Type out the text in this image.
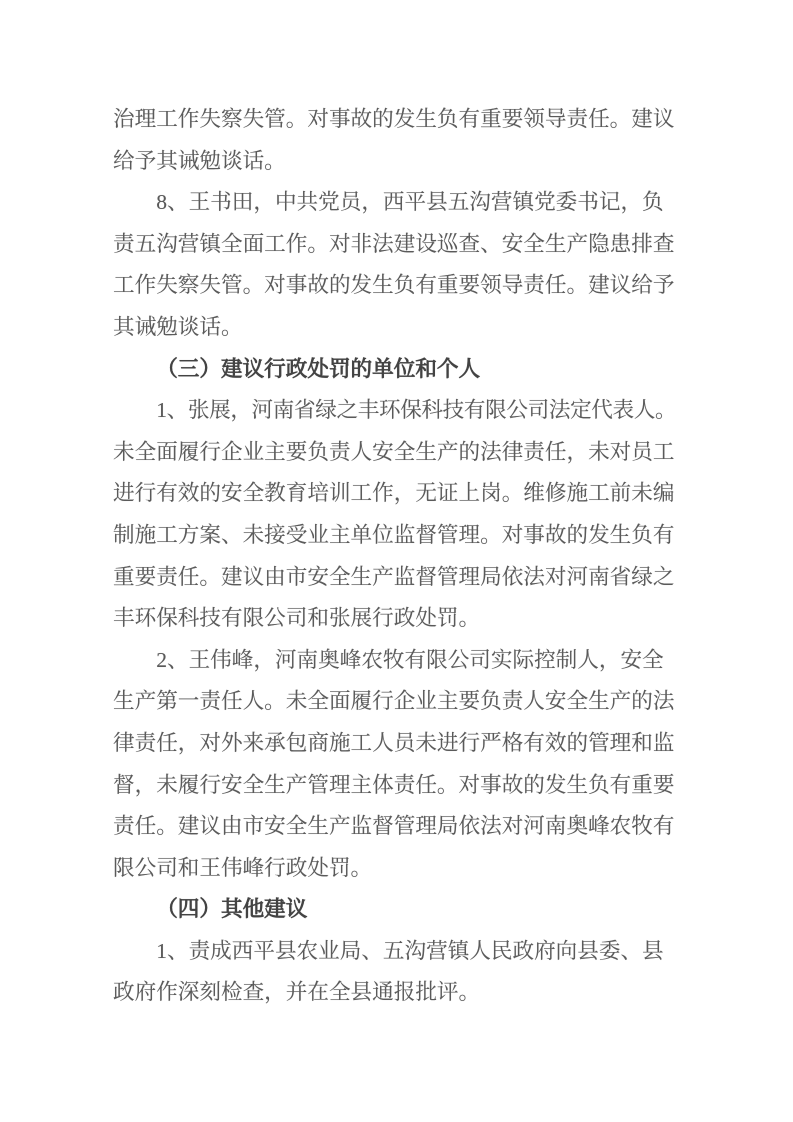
治理工作失察失管。对事故的发生负有重要领导责任。建议

给予其诫勉谈话。

8、王书田，中共党员，西平县五沟营镇党委书记，负

责五沟营镇全面工作。对非法建设巡查、安全生产隐患排查

工作失察失管。对事故的发生负有重要领导责任。建议给予

其诫勉谈话。

（三）建议行政处罚的单位和个人

1、张展，河南省绿之丰环保科技有限公司法定代表人。

未全面履行企业主要负责人安全生产的法律责任，未对员工

进行有效的安全教育培训工作，无证上岗。维修施工前未编

制施工方案、未接受业主单位监督管理。对事故的发生负有

重要责任。建议由市安全生产监督管理局依法对河南省绿之

丰环保科技有限公司和张展行政处罚。

2、王伟峰，河南奥峰农牧有限公司实际控制人，安全

生产第一责任人。未全面履行企业主要负责人安全生产的法

律责任，对外来承包商施工人员未进行严格有效的管理和监

督，未履行安全生产管理主体责任。对事故的发生负有重要

责任。建议由市安全生产监督管理局依法对河南奥峰农牧有

限公司和王伟峰行政处罚。

（四）其他建议

1、责成西平县农业局、五沟营镇人民政府向县委、县

政府作深刻检查，并在全县通报批评。
